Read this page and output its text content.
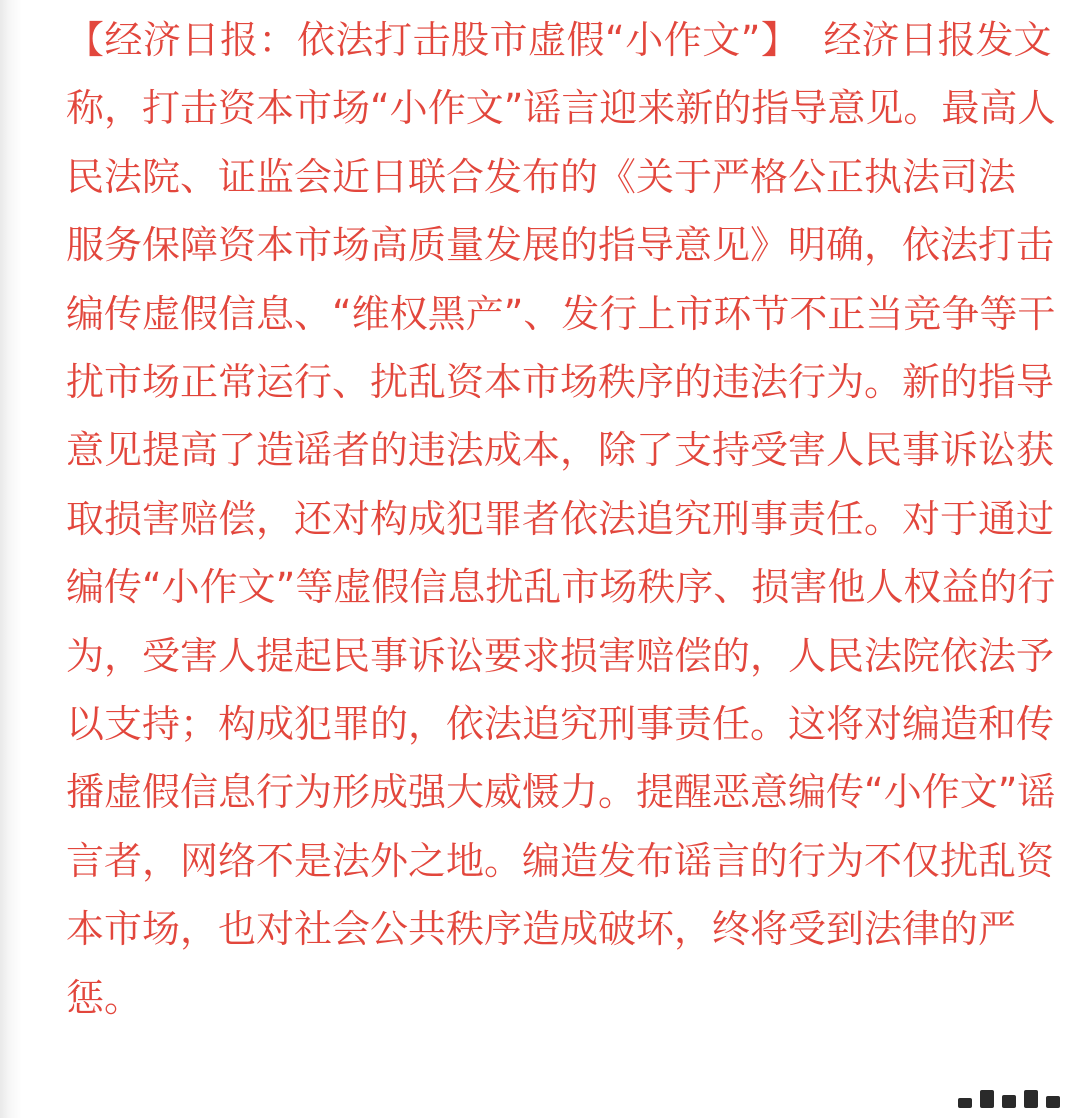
【经济日报：依法打击股市虚假“小作文”】 经济日报发文称，打击资本市场“小作文”谣言迎来新的指导意见。最高人民法院、证监会近日联合发布的《关于严格公正执法司法 服务保障资本市场高质量发展的指导意见》明确，依法打击编传虚假信息、“维权黑产”、发行上市环节不正当竞争等干扰市场正常运行、扰乱资本市场秩序的违法行为。新的指导意见提高了造谣者的违法成本，除了支持受害人民事诉讼获取损害赔偿，还对构成犯罪者依法追究刑事责任。对于通过编传“小作文”等虚假信息扰乱市场秩序、损害他人权益的行为，受害人提起民事诉讼要求损害赔偿的，人民法院依法予以支持；构成犯罪的，依法追究刑事责任。这将对编造和传播虚假信息行为形成强大威慑力。提醒恶意编传“小作文”谣言者，网络不是法外之地。编造发布谣言的行为不仅扰乱资本市场，也对社会公共秩序造成破坏，终将受到法律的严惩。
